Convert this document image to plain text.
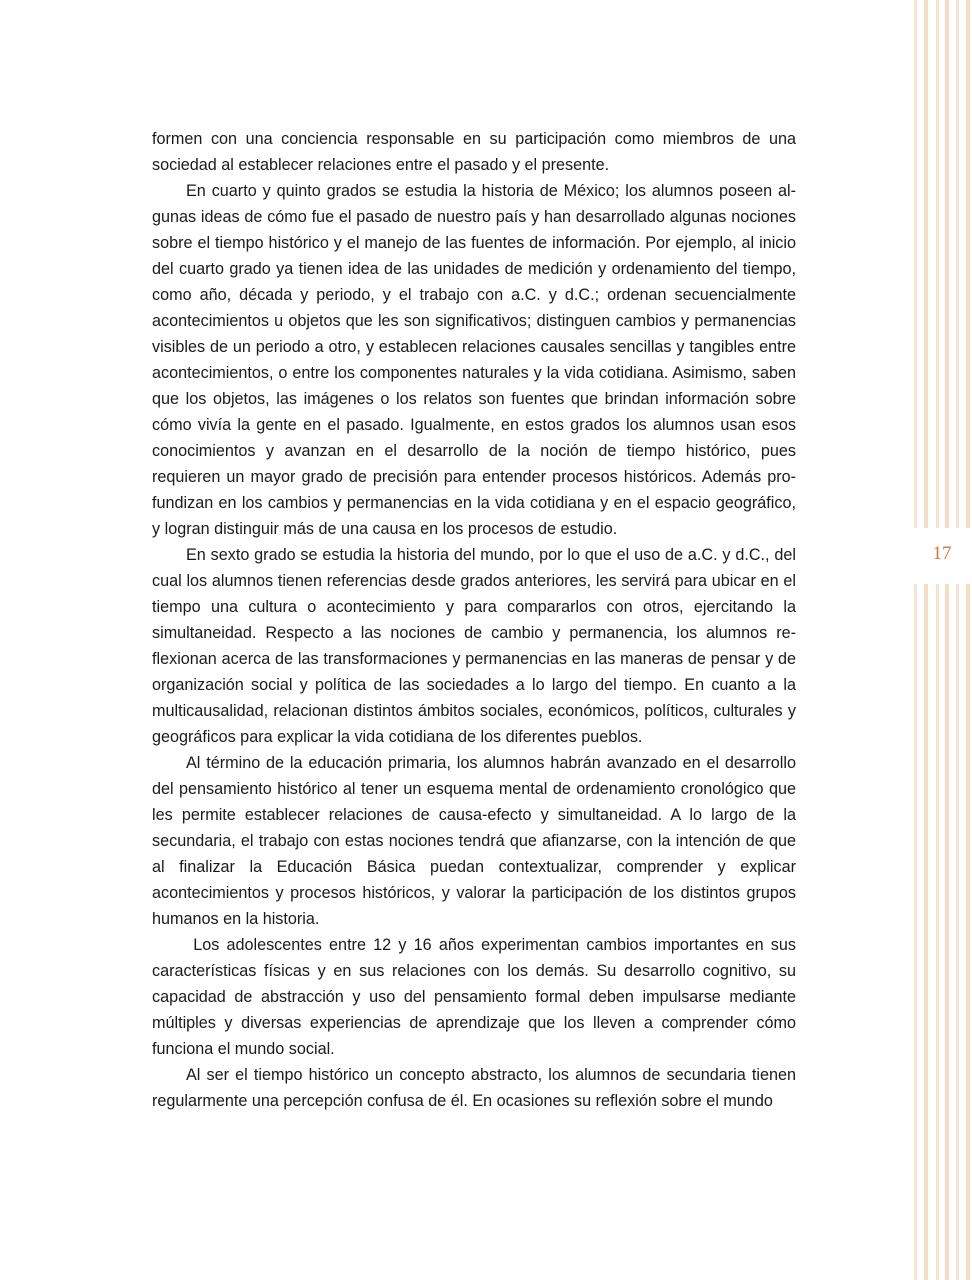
17

formen con una conciencia responsable en su participación como miembros de una sociedad al establecer relaciones entre el pasado y el presente.

En cuarto y quinto grados se estudia la historia de México; los alumnos poseen algunas ideas de cómo fue el pasado de nuestro país y han desarrollado algunas nociones sobre el tiempo histórico y el manejo de las fuentes de información. Por ejemplo, al inicio del cuarto grado ya tienen idea de las unidades de medición y ordenamiento del tiempo, como año, década y periodo, y el trabajo con a.C. y d.C.; ordenan secuencialmente acontecimientos u objetos que les son significativos; distinguen cambios y permanencias visibles de un periodo a otro, y establecen relaciones causales sencillas y tangibles entre acontecimientos, o entre los componentes naturales y la vida cotidiana. Asimismo, saben que los objetos, las imágenes o los relatos son fuentes que brindan información sobre cómo vivía la gente en el pasado. Igualmente, en estos grados los alumnos usan esos conocimientos y avanzan en el desarrollo de la noción de tiempo histórico, pues requieren un mayor grado de precisión para entender procesos históricos. Además profundizan en los cambios y permanencias en la vida cotidiana y en el espacio geográfico, y logran distinguir más de una causa en los procesos de estudio.

En sexto grado se estudia la historia del mundo, por lo que el uso de a.C. y d.C., del cual los alumnos tienen referencias desde grados anteriores, les servirá para ubicar en el tiempo una cultura o acontecimiento y para compararlos con otros, ejercitando la simultaneidad. Respecto a las nociones de cambio y permanencia, los alumnos reflexionan acerca de las transformaciones y permanencias en las maneras de pensar y de organización social y política de las sociedades a lo largo del tiempo. En cuanto a la multicausalidad, relacionan distintos ámbitos sociales, económicos, políticos, culturales y geográficos para explicar la vida cotidiana de los diferentes pueblos.

Al término de la educación primaria, los alumnos habrán avanzado en el desarrollo del pensamiento histórico al tener un esquema mental de ordenamiento cronológico que les permite establecer relaciones de causa-efecto y simultaneidad. A lo largo de la secundaria, el trabajo con estas nociones tendrá que afianzarse, con la intención de que al finalizar la Educación Básica puedan contextualizar, comprender y explicar acontecimientos y procesos históricos, y valorar la participación de los distintos grupos humanos en la historia.

Los adolescentes entre 12 y 16 años experimentan cambios importantes en sus características físicas y en sus relaciones con los demás. Su desarrollo cognitivo, su capacidad de abstracción y uso del pensamiento formal deben impulsarse mediante múltiples y diversas experiencias de aprendizaje que los lleven a comprender cómo funciona el mundo social.

Al ser el tiempo histórico un concepto abstracto, los alumnos de secundaria tienen regularmente una percepción confusa de él. En ocasiones su reflexión sobre el mundo
